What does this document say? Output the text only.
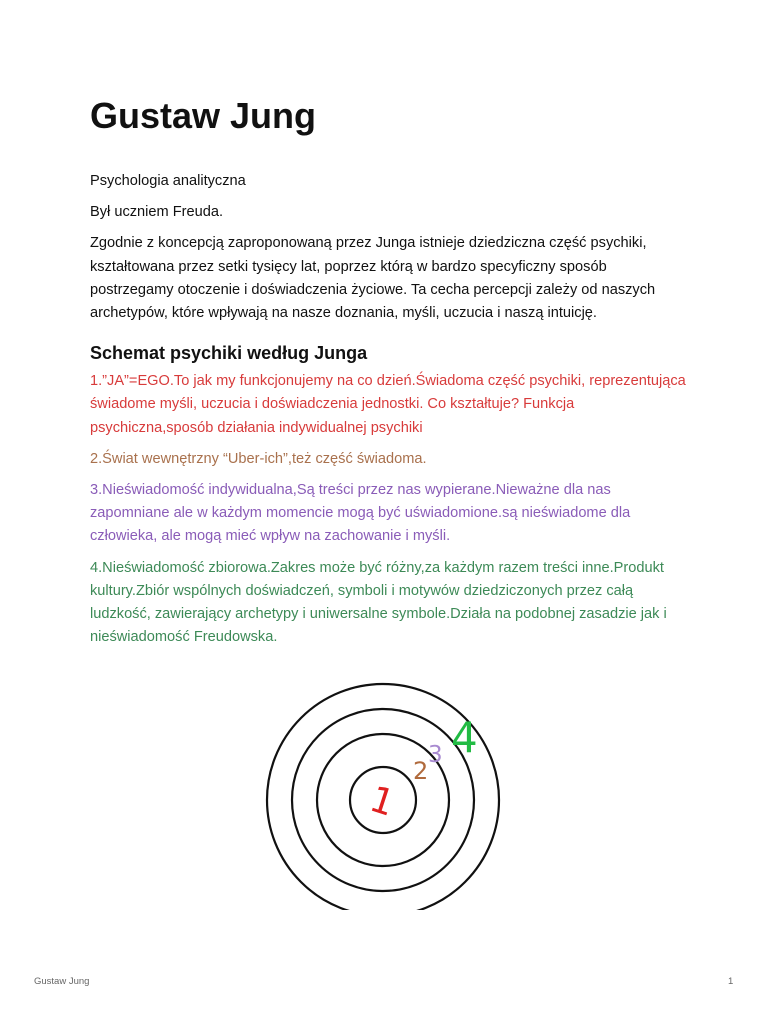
Gustaw Jung

Psychologia analityczna

Był uczniem Freuda.

Zgodnie z koncepcją zaproponowaną przez Junga istnieje dziedziczna część psychiki, kształtowana przez setki tysięcy lat, poprzez którą w bardzo specyficzny sposób postrzegamy otoczenie i doświadczenia życiowe. Ta cecha percepcji zależy od naszych archetypów, które wpływają na nasze doznania, myśli, uczucia i naszą intuicję.

Schemat psychiki według Junga

1.”JA”=EGO.To jak my funkcjonujemy na co dzień.Świadoma część psychiki, reprezentująca świadome myśli, uczucia i doświadczenia jednostki. Co kształtuje? Funkcja psychiczna,sposób działania indywidualnej psychiki

2.Świat wewnętrzny “Uber-ich”,też część świadoma.

3.Nieświadomość indywidualna,Są treści przez nas wypierane.Nieważne dla nas zapomniane ale w każdym momencie mogą być uświadomione.są nieświadome dla człowieka, ale mogą mieć wpływ na zachowanie i myśli.

4.Nieświadomość zbiorowa.Zakres może być różny,za każdym razem treści inne.Produkt kultury.Zbiór wspólnych doświadczeń, symboli i motywów dziedziczonych przez całą ludzkość, zawierający archetypy i uniwersalne symbole.Działa na podobnej zasadzie jak i nieświadomość Freudowska.

1
2
3 4
Gustaw Jung	1
